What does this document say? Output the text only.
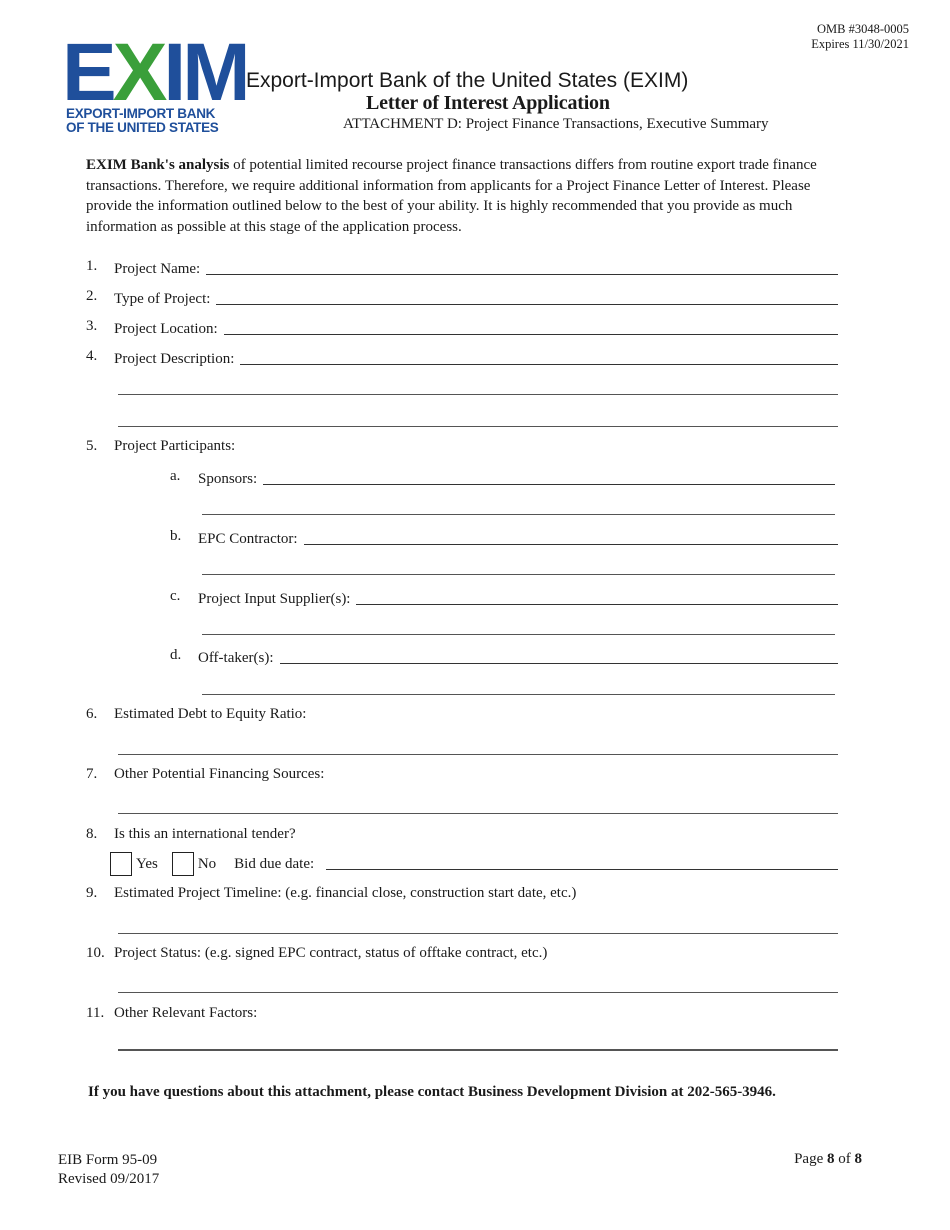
OMB #3048-0005
Expires 11/30/2021
EXIM
EXPORT-IMPORT BANK
OF THE UNITED STATES
Export-Import Bank of the United States (EXIM)
Letter of Interest Application
ATTACHMENT D: Project Finance Transactions, Executive Summary
EXIM Bank's analysis of potential limited recourse project finance transactions differs from routine export trade finance transactions. Therefore, we require additional information from applicants for a Project Finance Letter of Interest. Please provide the information outlined below to the best of your ability. It is highly recommended that you provide as much information as possible at this stage of the application process.
1. Project Name:
2. Type of Project:
3. Project Location:
4. Project Description:
5. Project Participants:
a. Sponsors:
b. EPC Contractor:
c. Project Input Supplier(s):
d. Off-taker(s):
6. Estimated Debt to Equity Ratio:
7. Other Potential Financing Sources:
8. Is this an international tender?
Yes	No Bid due date:
9. Estimated Project Timeline: (e.g. financial close, construction start date, etc.)
10. Project Status: (e.g. signed EPC contract, status of offtake contract, etc.)
11. Other Relevant Factors:
If you have questions about this attachment, please contact Business Development Division at 202-565-3946.
EIB Form 95-09
Revised 09/2017
Page 8 of 8
